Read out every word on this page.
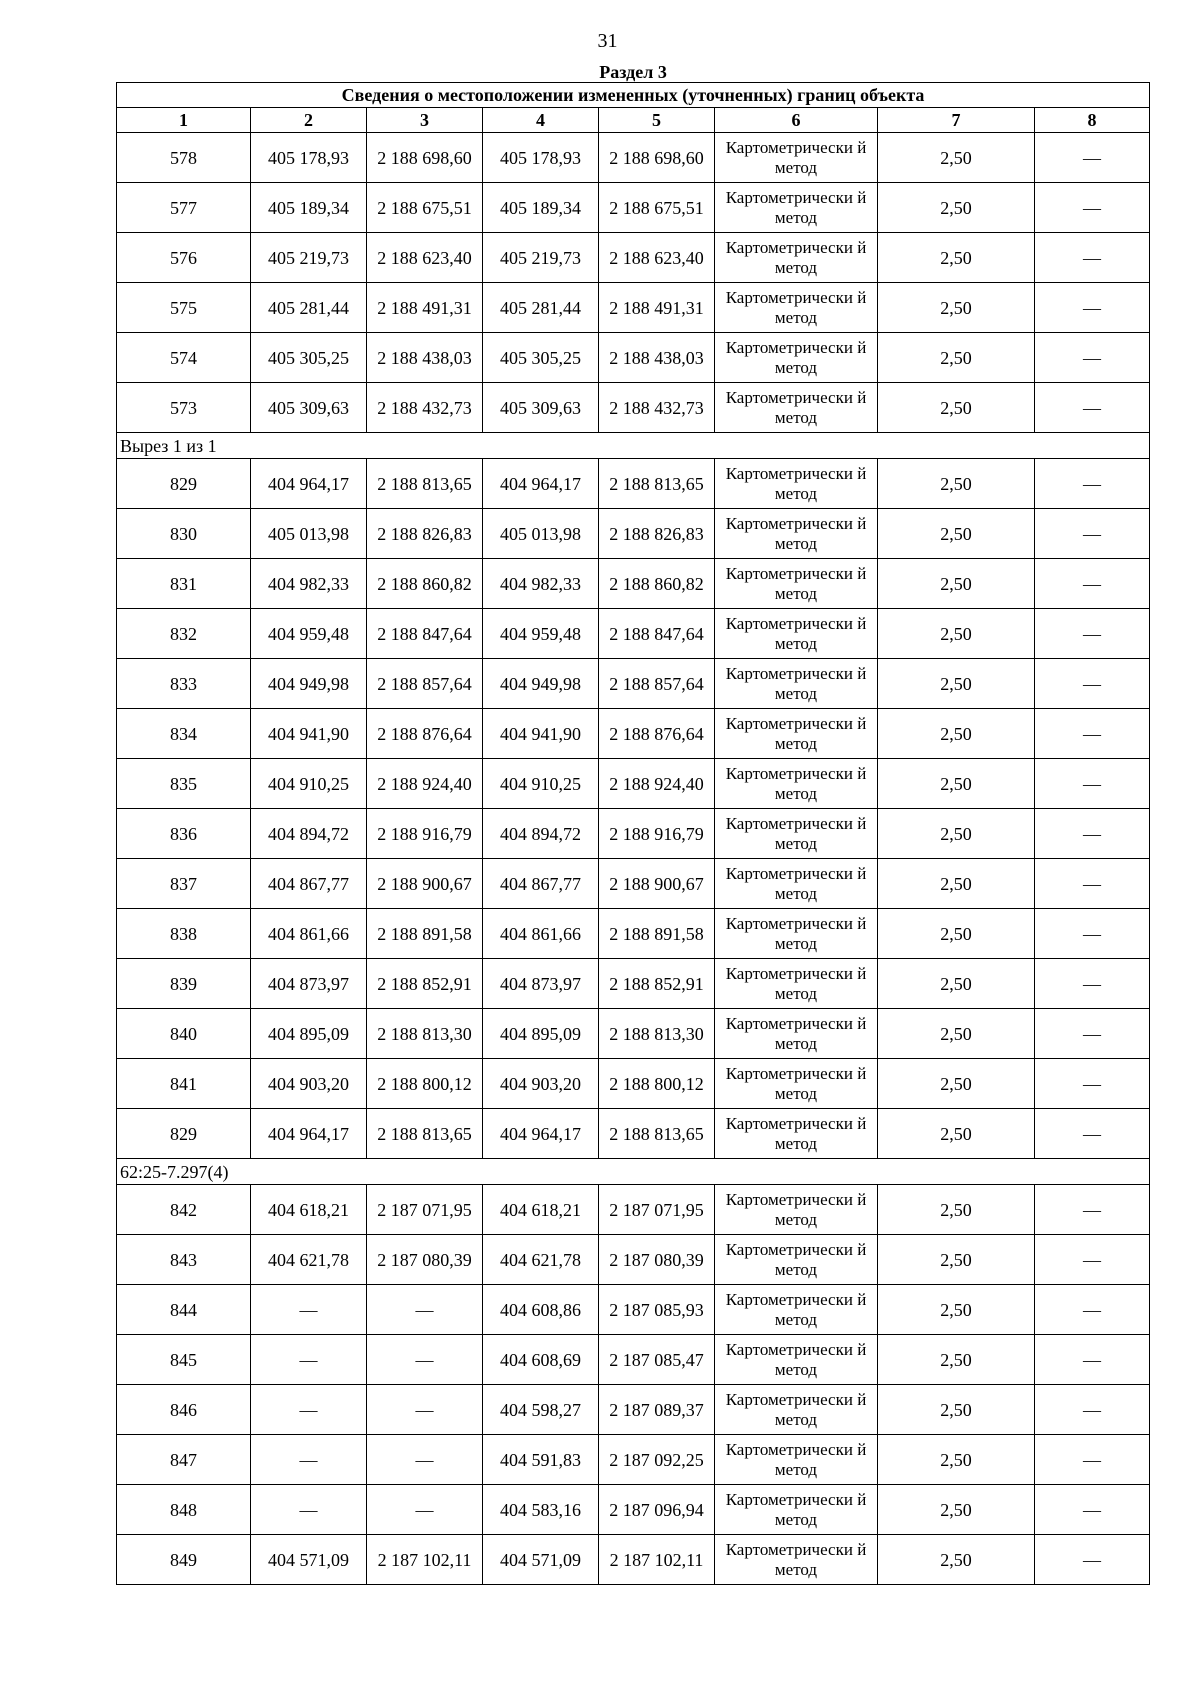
31
Раздел 3							
Сведения о местоположении измененных (уточненных) границ объекта							
1	2	3	4	5	6	7	8
578	405 178,93	2 188 698,60	405 178,93	2 188 698,60	Картометрически й метод	2,50	—
577	405 189,34	2 188 675,51	405 189,34	2 188 675,51	Картометрически й метод	2,50	—
576	405 219,73	2 188 623,40	405 219,73	2 188 623,40	Картометрически й метод	2,50	—
575	405 281,44	2 188 491,31	405 281,44	2 188 491,31	Картометрически й метод	2,50	—
574	405 305,25	2 188 438,03	405 305,25	2 188 438,03	Картометрически й метод	2,50	—
573	405 309,63	2 188 432,73	405 309,63	2 188 432,73	Картометрически й метод	2,50	—
Вырез 1 из 1							
829	404 964,17	2 188 813,65	404 964,17	2 188 813,65	Картометрически й метод	2,50	—
830	405 013,98	2 188 826,83	405 013,98	2 188 826,83	Картометрически й метод	2,50	—
831	404 982,33	2 188 860,82	404 982,33	2 188 860,82	Картометрически й метод	2,50	—
832	404 959,48	2 188 847,64	404 959,48	2 188 847,64	Картометрически й метод	2,50	—
833	404 949,98	2 188 857,64	404 949,98	2 188 857,64	Картометрически й метод	2,50	—
834	404 941,90	2 188 876,64	404 941,90	2 188 876,64	Картометрически й метод	2,50	—
835	404 910,25	2 188 924,40	404 910,25	2 188 924,40	Картометрически й метод	2,50	—
836	404 894,72	2 188 916,79	404 894,72	2 188 916,79	Картометрически й метод	2,50	—
837	404 867,77	2 188 900,67	404 867,77	2 188 900,67	Картометрически й метод	2,50	—
838	404 861,66	2 188 891,58	404 861,66	2 188 891,58	Картометрически й метод	2,50	—
839	404 873,97	2 188 852,91	404 873,97	2 188 852,91	Картометрически й метод	2,50	—
840	404 895,09	2 188 813,30	404 895,09	2 188 813,30	Картометрически й метод	2,50	—
841	404 903,20	2 188 800,12	404 903,20	2 188 800,12	Картометрически й метод	2,50	—
829	404 964,17	2 188 813,65	404 964,17	2 188 813,65	Картометрически й метод	2,50	—
62:25-7.297(4)							
842	404 618,21	2 187 071,95	404 618,21	2 187 071,95	Картометрически й метод	2,50	—
843	404 621,78	2 187 080,39	404 621,78	2 187 080,39	Картометрически й метод	2,50	—
844	—	—	404 608,86	2 187 085,93	Картометрически й метод	2,50	—
845	—	—	404 608,69	2 187 085,47	Картометрически й метод	2,50	—
846	—	—	404 598,27	2 187 089,37	Картометрически й метод	2,50	—
847	—	—	404 591,83	2 187 092,25	Картометрически й метод	2,50	—
848	—	—	404 583,16	2 187 096,94	Картометрически й метод	2,50	—
849	404 571,09	2 187 102,11	404 571,09	2 187 102,11	Картометрически й метод	2,50	—
